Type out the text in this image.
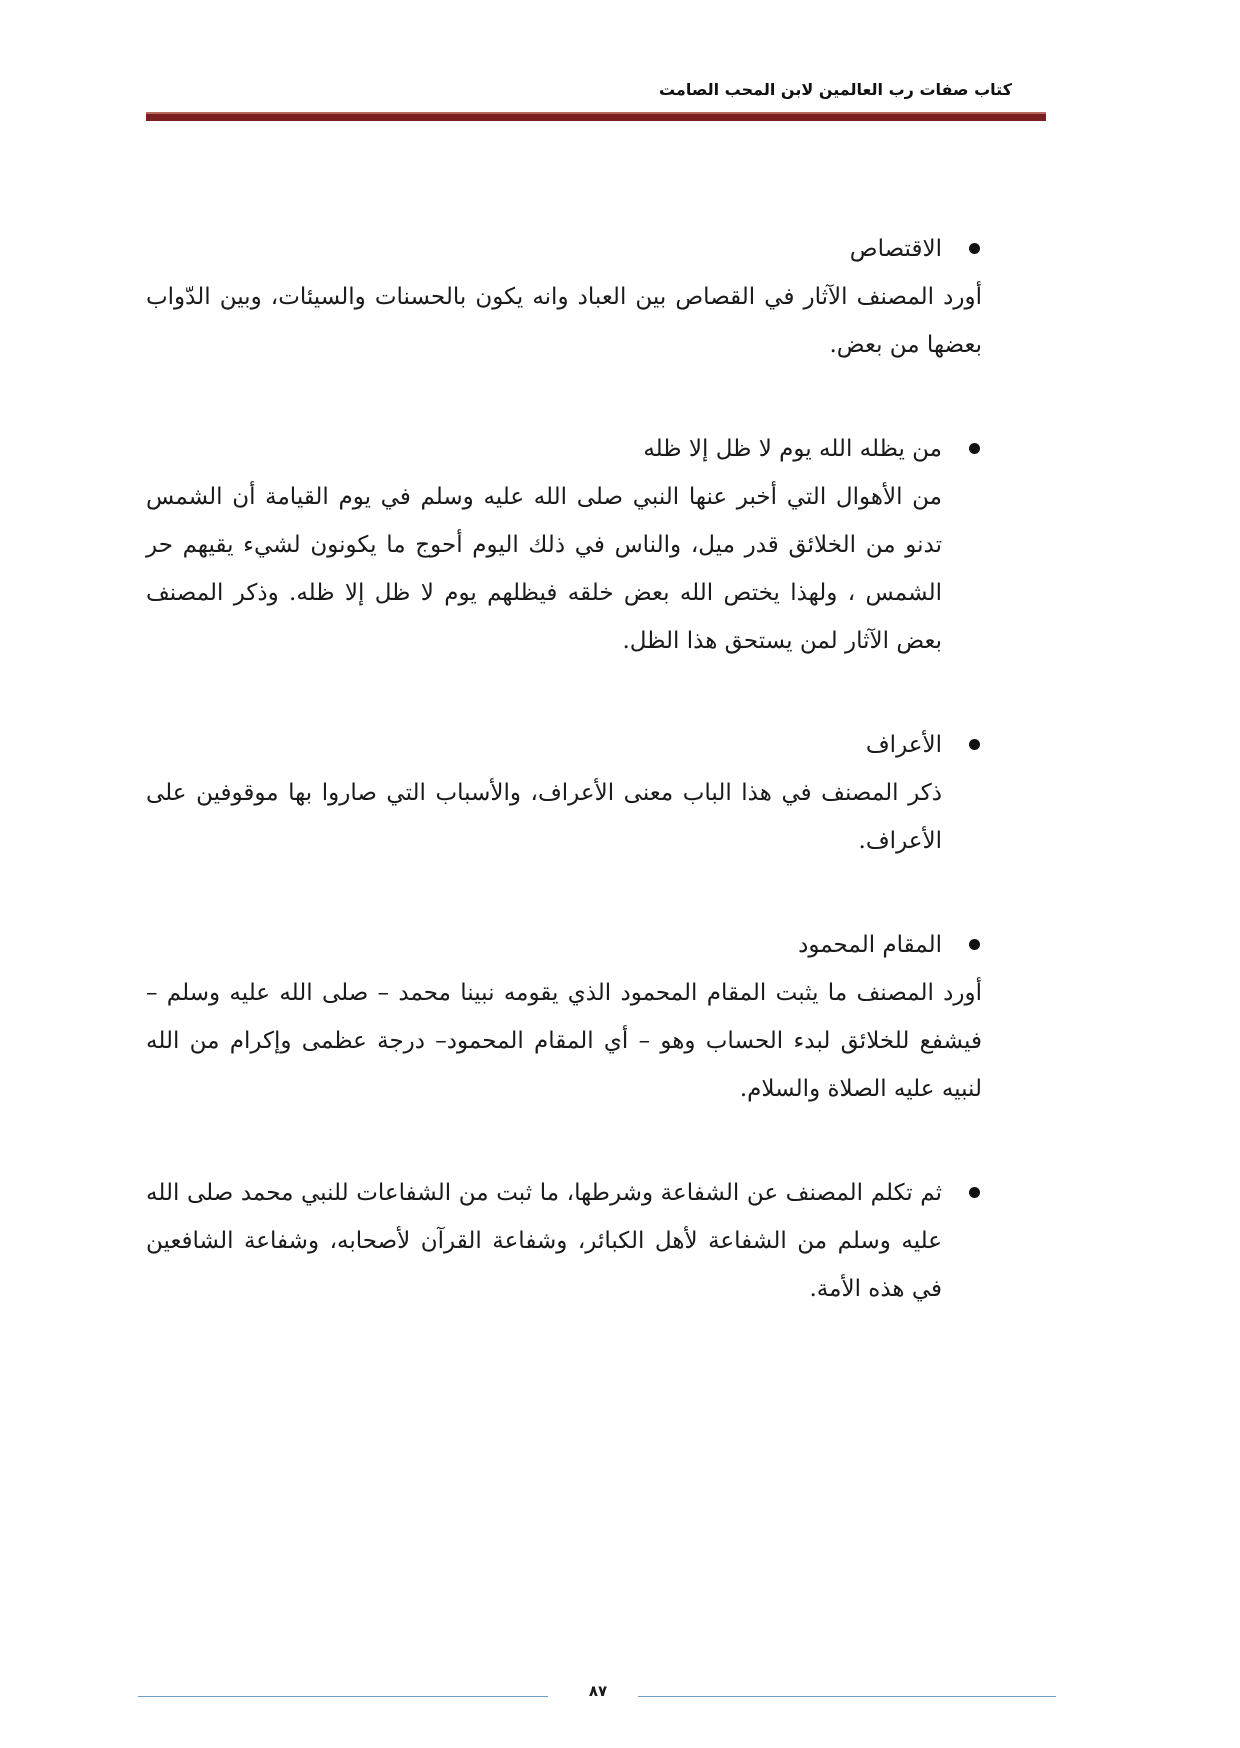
كتاب صفات رب العالمين لابن المحب الصامت
الاقتصاص
أورد المصنف الآثار في القصاص بين العباد وانه يكون بالحسنات والسيئات، وبين الدّواب بعضها من بعض.
من يظله الله يوم لا ظل إلا ظله
من الأهوال التي أخبر عنها النبي صلى الله عليه وسلم في يوم القيامة أن الشمس تدنو من الخلائق قدر ميل، والناس في ذلك اليوم أحوج ما يكونون لشيء يقيهم حر الشمس ، ولهذا يختص الله بعض خلقه فيظلهم يوم لا ظل إلا ظله. وذكر المصنف بعض الآثار لمن يستحق هذا الظل.
الأعراف
ذكر المصنف في هذا الباب معنى الأعراف، والأسباب التي صاروا بها موقوفين على الأعراف.
المقام المحمود
أورد المصنف ما يثبت المقام المحمود الذي يقومه نبينا محمد – صلى الله عليه وسلم – فيشفع للخلائق لبدء الحساب وهو – أي المقام المحمود– درجة عظمى وإكرام من الله لنبيه عليه الصلاة والسلام.
ثم تكلم المصنف عن الشفاعة وشرطها، ما ثبت من الشفاعات للنبي محمد صلى الله عليه وسلم من الشفاعة لأهل الكبائر، وشفاعة القرآن لأصحابه، وشفاعة الشافعين في هذه الأمة.
٨٧
